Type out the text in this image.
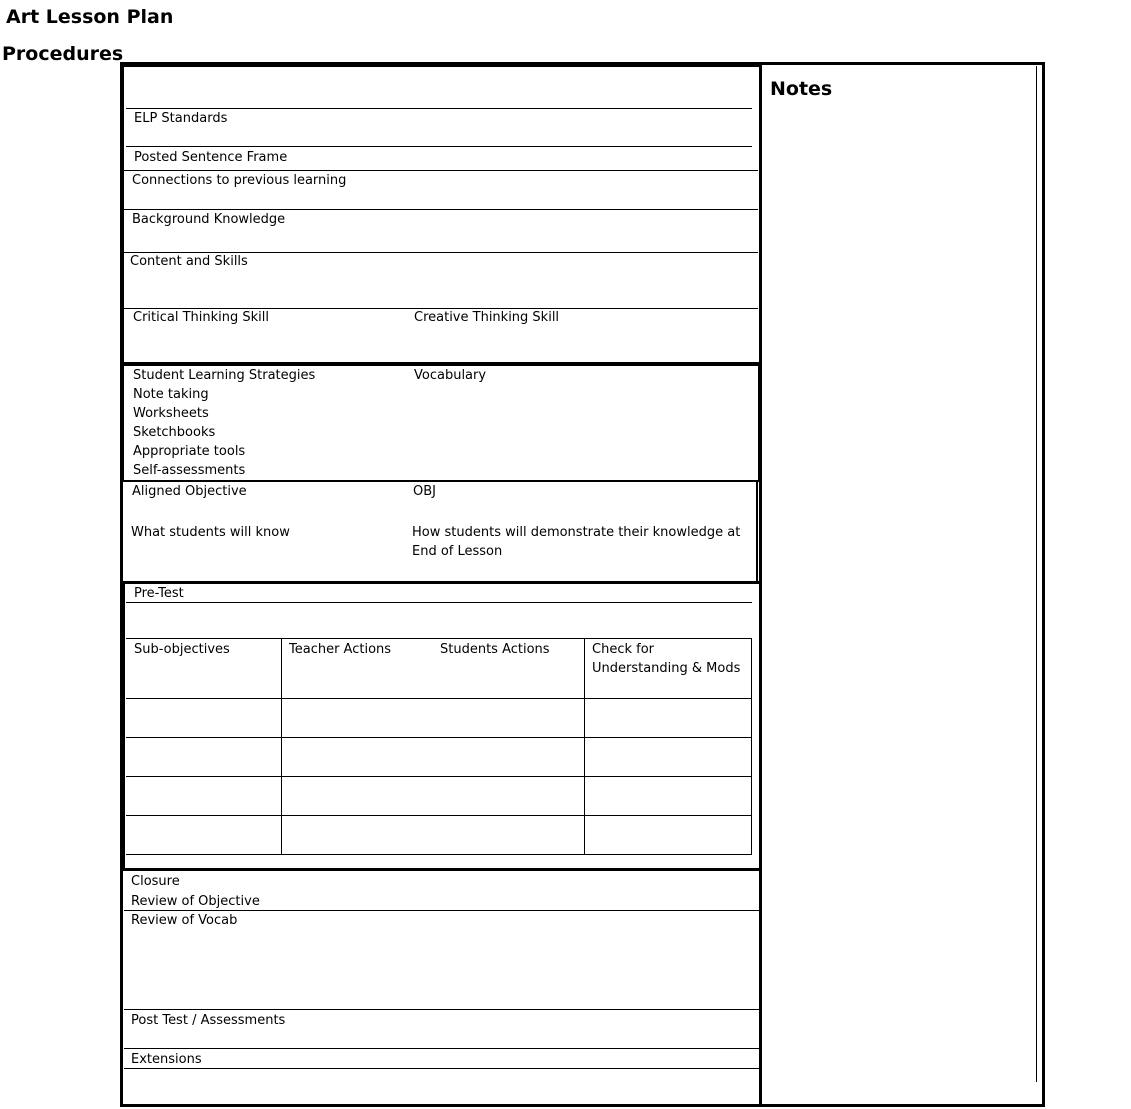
Art Lesson Plan
Procedures
Notes
ELP Standards
Posted Sentence Frame
Connections to previous learning
Background Knowledge
Content and Skills
Critical Thinking Skill	Creative Thinking Skill
Student Learning Strategies
Note taking
Worksheets
Sketchbooks
Appropriate tools
Self-assessments
Vocabulary
Aligned Objective	OBJ
What students will know	How students will demonstrate their knowledge at
End of Lesson
Pre-Test
Sub-objectives	Teacher Actions	Students Actions	Check for
Understanding & Mods
Closure
Review of Objective
Review of Vocab
Post Test / Assessments
Extensions
